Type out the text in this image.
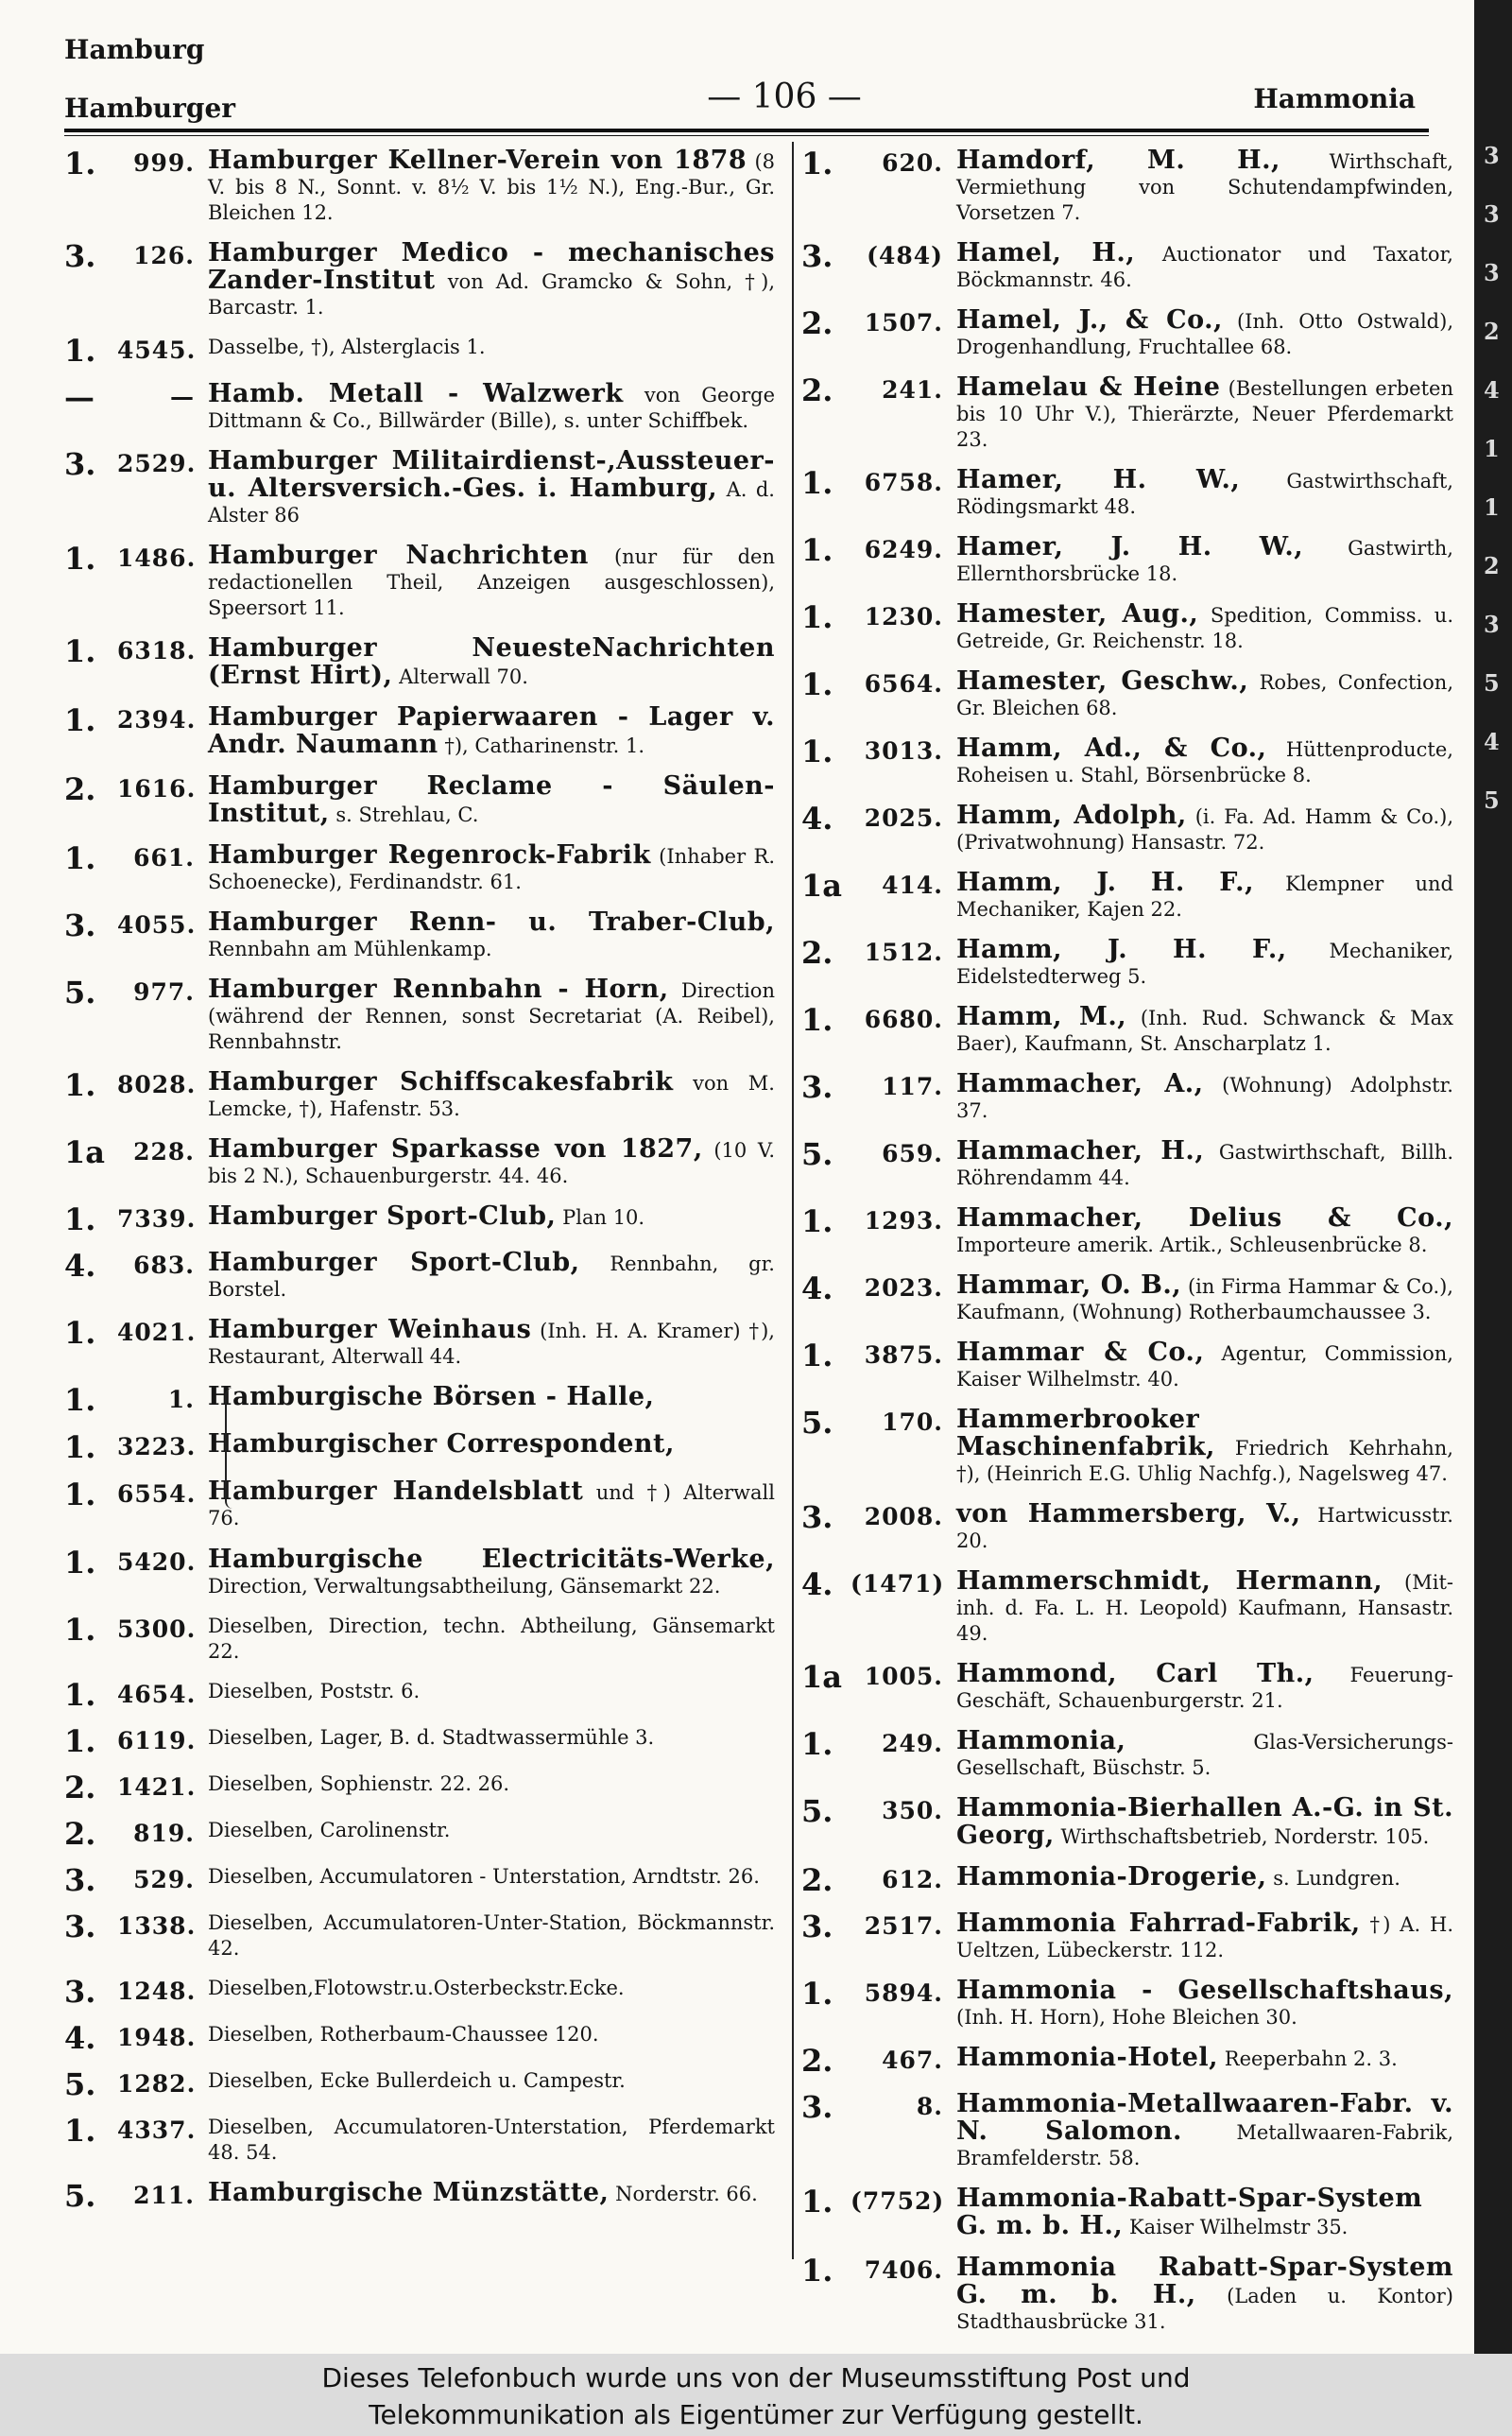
Hamburg
Hamburger	— 106 —	Hammonia
1.	999. Hamburger Kellner-Verein von 1878 (8 V. bis 8 N., Sonnt. v. 8½ V. bis 1½ N.), Eng.-Bur., Gr. Bleichen 12.
3.	126. Hamburger Medico - mechanisches Zander-Institut von Ad. Gramcko & Sohn, †), Barcastr. 1.
1. 4545. Dasselbe, †), Alsterglacis 1.
—	— Hamb. Metall - Walzwerk von George Dittmann & Co., Billwärder (Bille), s. unter Schiffbek.
3. 2529. Hamburger Militairdienst-,Aussteuer- u. Altersversich.-Ges. i. Hamburg, A. d. Alster 86
1. 1486. Hamburger Nachrichten (nur für den redactionellen Theil, Anzeigen ausgeschlossen), Speersort 11.
1. 6318. Hamburger NeuesteNachrichten (Ernst Hirt), Alterwall 70.
1. 2394. Hamburger Papierwaaren - Lager v. Andr. Naumann †), Catharinenstr. 1.
2. 1616. Hamburger Reclame - Säulen-Institut, s. Strehlau, C.
1.	661. Hamburger Regenrock-Fabrik (Inhaber R. Schoenecke), Ferdinandstr. 61.
3. 4055. Hamburger Renn- u. Traber-Club, Rennbahn am Mühlenkamp.
5.	977. Hamburger Rennbahn - Horn, Direction (während der Rennen, sonst Secretariat (A. Reibel), Rennbahnstr.
1. 8028. Hamburger Schiffscakesfabrik von M. Lemcke, †), Hafenstr. 53.
1a	228. Hamburger Sparkasse von 1827, (10 V. bis 2 N.), Schauenburgerstr. 44. 46.
1. 7339. Hamburger Sport-Club, Plan 10.
4.	683. Hamburger Sport-Club, Rennbahn, gr. Borstel.
1. 4021. Hamburger Weinhaus (Inh. H. A. Kramer) †), Restaurant, Alterwall 44.
1.	1. Hamburgische Börsen - Halle,
1. 3223. Hamburgischer Correspondent,
1. 6554. Hamburger Handelsblatt und †) Alterwall 76.
1. 5420. Hamburgische Electricitäts-Werke, Direction, Verwaltungsabtheilung, Gänsemarkt 22.
1. 5300. Dieselben, Direction, techn. Abtheilung, Gänsemarkt 22.
1. 4654. Dieselben, Poststr. 6.
1. 6119. Dieselben, Lager, B. d. Stadtwassermühle 3.
2. 1421. Dieselben, Sophienstr. 22. 26.
2.	819. Dieselben, Carolinenstr.
3.	529. Dieselben, Accumulatoren - Unterstation, Arndtstr. 26.
3. 1338. Dieselben, Accumulatoren-Unter-Station, Böckmannstr. 42.
3. 1248. Dieselben,Flotowstr.u.Osterbeckstr.Ecke.
4. 1948. Dieselben, Rotherbaum-Chaussee 120.
5. 1282. Dieselben, Ecke Bullerdeich u. Campestr.
1. 4337. Dieselben, Accumulatoren-Unterstation, Pferdemarkt 48. 54.
5.	211. Hamburgische Münzstätte, Norderstr. 66.
1.	620. Hamdorf, M. H., Wirthschaft, Vermiethung von Schutendampfwinden, Vorsetzen 7.
3.	(484) Hamel, H., Auctionator und Taxator, Böckmannstr. 46.
2.	1507. Hamel, J., & Co., (Inh. Otto Ostwald), Drogenhandlung, Fruchtallee 68.
2.	241. Hamelau & Heine (Bestellungen erbeten bis 10 Uhr V.), Thierärzte, Neuer Pferdemarkt 23.
1.	6758. Hamer, H. W., Gastwirthschaft, Rödingsmarkt 48.
1.	6249. Hamer, J. H. W., Gastwirth, Ellernthorsbrücke 18.
1.	1230. Hamester, Aug., Spedition, Commiss. u. Getreide, Gr. Reichenstr. 18.
1.	6564. Hamester, Geschw., Robes, Confection, Gr. Bleichen 68.
1.	3013. Hamm, Ad., & Co., Hüttenproducte, Roheisen u. Stahl, Börsenbrücke 8.
4.	2025. Hamm, Adolph, (i. Fa. Ad. Hamm & Co.), (Privatwohnung) Hansastr. 72.
1a	414. Hamm, J. H. F., Klempner und Mechaniker, Kajen 22.
2.	1512. Hamm, J. H. F., Mechaniker, Eidelstedterweg 5.
1.	6680. Hamm, M., (Inh. Rud. Schwanck & Max Baer), Kaufmann, St. Anscharplatz 1.
3.	117. Hammacher, A., (Wohnung) Adolphstr. 37.
5.	659. Hammacher, H., Gastwirthschaft, Billh. Röhrendamm 44.
1.	1293. Hammacher, Delius & Co., Importeure amerik. Artik., Schleusenbrücke 8.
4.	2023. Hammar, O. B., (in Firma Hammar & Co.), Kaufmann, (Wohnung) Rotherbaumchaussee 3.
1.	3875. Hammar & Co., Agentur, Commission, Kaiser Wilhelmstr. 40.
5.	170. Hammerbrooker Maschinenfabrik, Friedrich Kehrhahn, †), (Heinrich E.G. Uhlig Nachfg.), Nagelsweg 47.
3.	2008. von Hammersberg, V., Hartwicusstr. 20.
4. (1471) Hammerschmidt, Hermann, (Mit-inh. d. Fa. L. H. Leopold) Kaufmann, Hansastr. 49.
1a 1005. Hammond, Carl Th., Feuerung-Geschäft, Schauenburgerstr. 21.
1.	249. Hammonia,	Glas-Versicherungs-Gesellschaft, Büschstr. 5.
5.	350. Hammonia-Bierhallen A.-G. in St. Georg, Wirthschaftsbetrieb, Norderstr. 105.
2.	612. Hammonia-Drogerie, s. Lundgren.
3.	2517. Hammonia Fahrrad-Fabrik, †) A. H. Ueltzen, Lübeckerstr. 112.
1.	5894. Hammonia - Gesellschaftshaus, (Inh. H. Horn), Hohe Bleichen 30.
2.	467. Hammonia-Hotel, Reeperbahn 2. 3.
3.	8. Hammonia-Metallwaaren-Fabr. v. N. Salomon.	Metallwaaren-Fabrik, Bramfelderstr. 58.
1. (7752) Hammonia-Rabatt-Spar-System G. m. b. H., Kaiser Wilhelmstr 35.
1.	7406. Hammonia Rabatt-Spar-System G. m. b. H., (Laden u. Kontor) Stadthausbrücke 31.
3
3
3
2
4
1
1
2
3
5
4
5
Dieses Telefonbuch wurde uns von der Museumsstiftung Post und
Telekommunikation als Eigentümer zur Verfügung gestellt.
